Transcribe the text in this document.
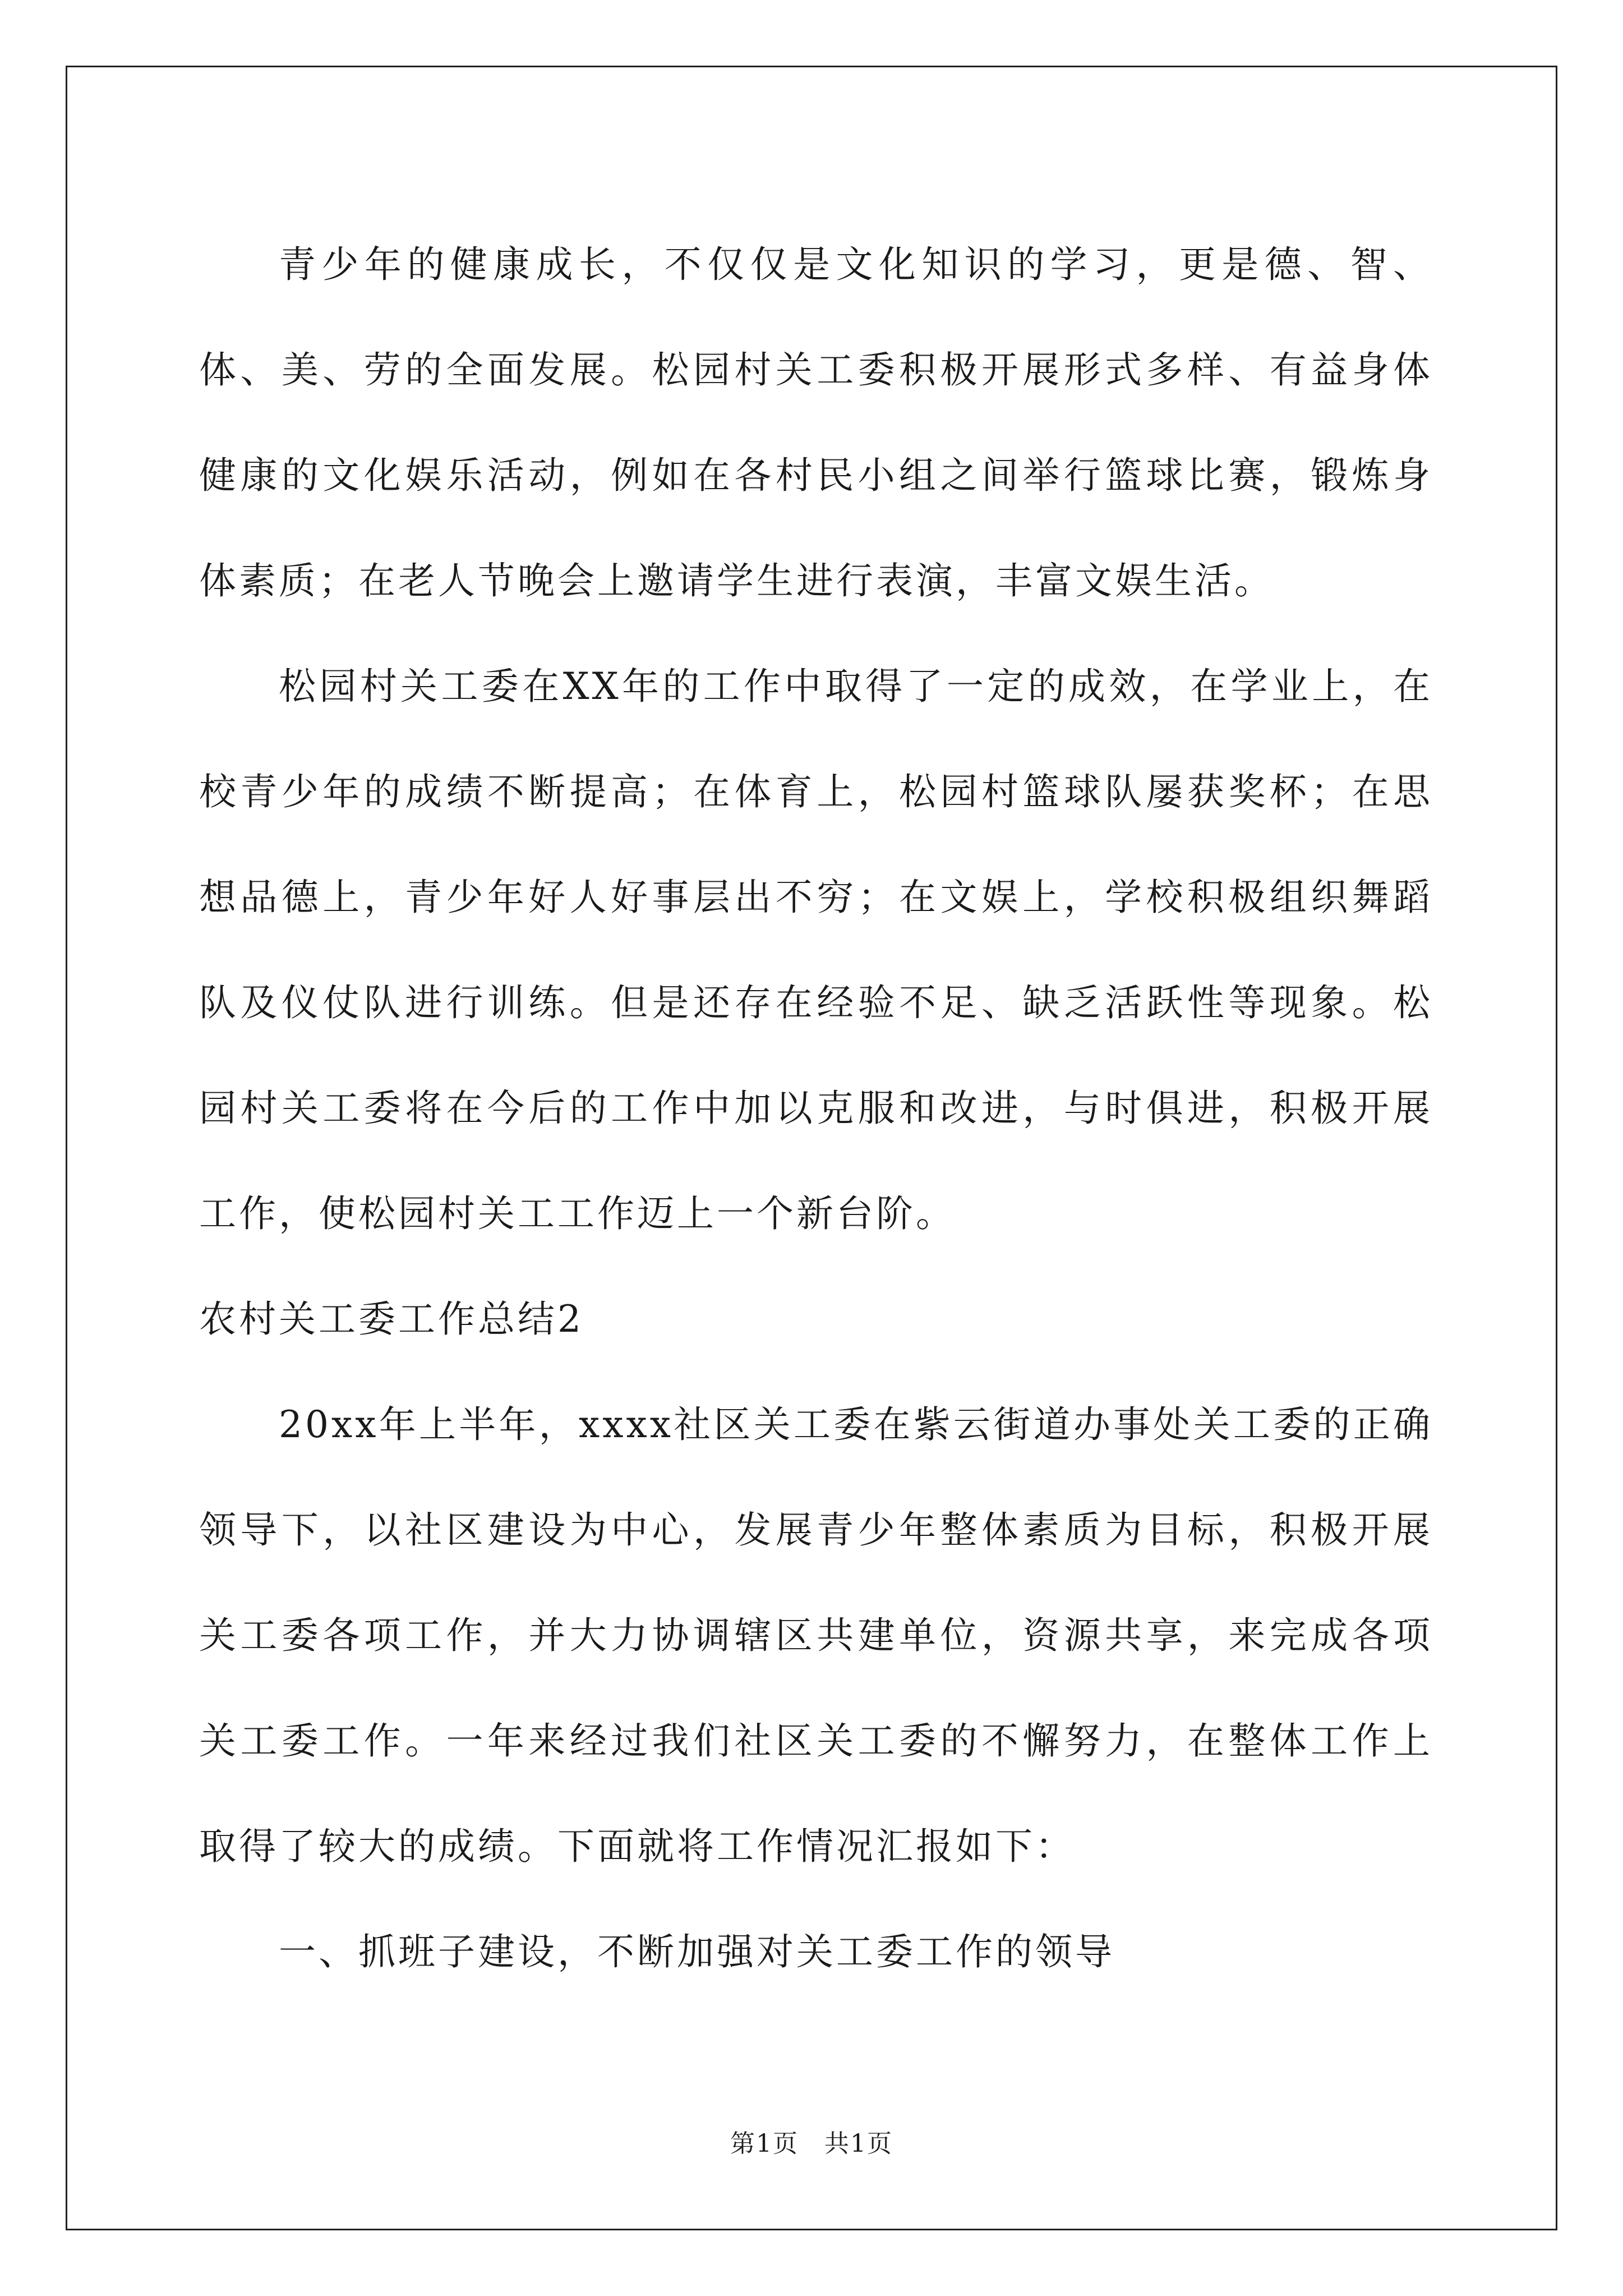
青少年的健康成长，不仅仅是文化知识的学习，更是德、智、体、美、劳的全面发展。松园村关工委积极开展形式多样、有益身体健康的文化娱乐活动，例如在各村民小组之间举行篮球比赛，锻炼身体素质；在老人节晚会上邀请学生进行表演，丰富文娱生活。

松园村关工委在XX年的工作中取得了一定的成效，在学业上，在校青少年的成绩不断提高；在体育上，松园村篮球队屡获奖杯；在思想品德上，青少年好人好事层出不穷；在文娱上，学校积极组织舞蹈队及仪仗队进行训练。但是还存在经验不足、缺乏活跃性等现象。松园村关工委将在今后的工作中加以克服和改进，与时俱进，积极开展工作，使松园村关工工作迈上一个新台阶。

农村关工委工作总结2

20xx年上半年，xxxx社区关工委在紫云街道办事处关工委的正确领导下，以社区建设为中心，发展青少年整体素质为目标，积极开展关工委各项工作，并大力协调辖区共建单位，资源共享，来完成各项关工委工作。一年来经过我们社区关工委的不懈努力，在整体工作上取得了较大的成绩。下面就将工作情况汇报如下：

一、抓班子建设，不断加强对关工委工作的领导

第1页 共1页
